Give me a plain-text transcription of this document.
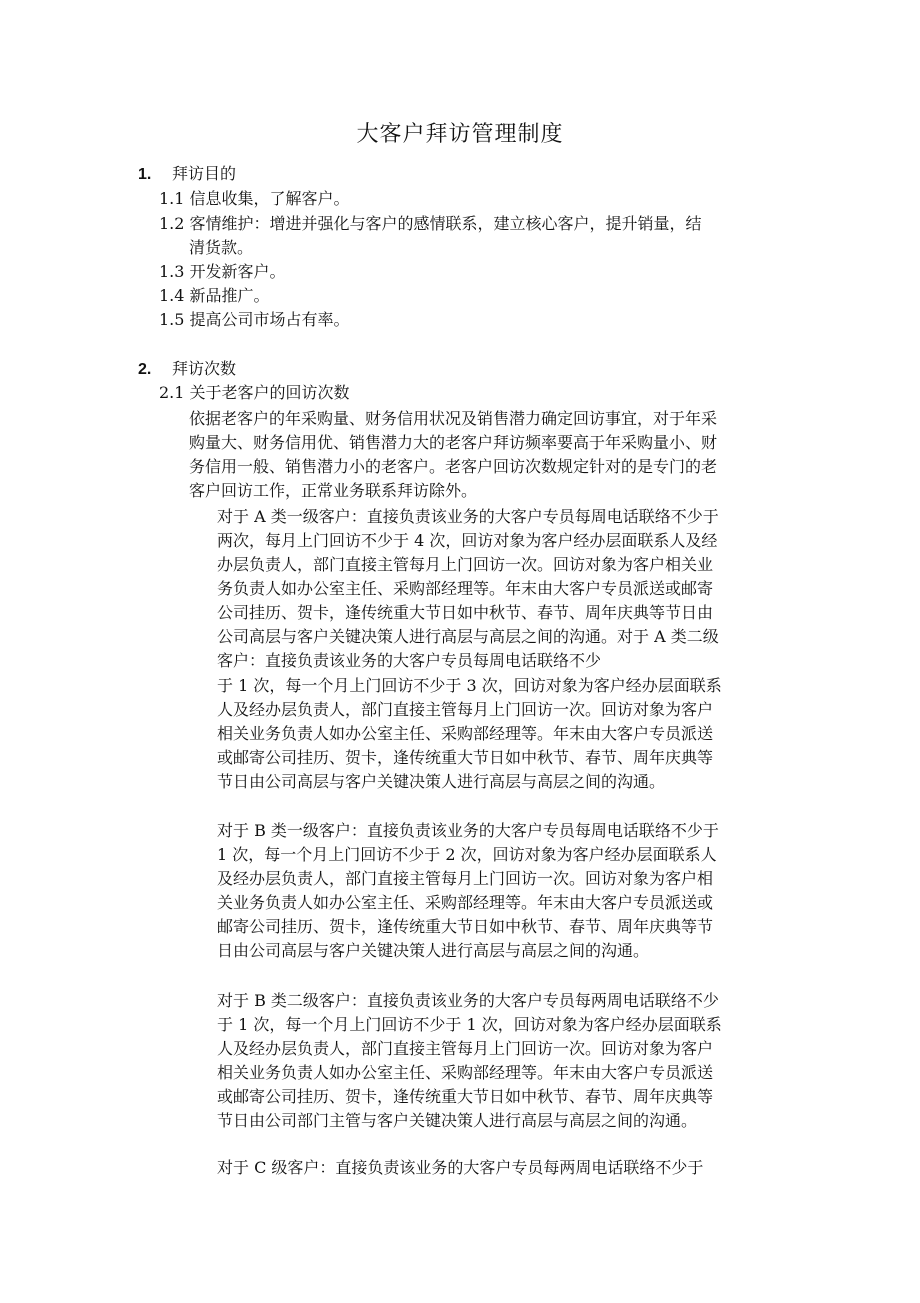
大客户拜访管理制度
1. 拜访目的
1.1 信息收集，了解客户。
1.2 客情维护：增进并强化与客户的感情联系，建立核心客户，提升销量，结
清货款。
1.3 开发新客户。
1.4 新品推广。
1.5 提高公司市场占有率。
2. 拜访次数
2.1 关于老客户的回访次数
依据老客户的年采购量、财务信用状况及销售潜力确定回访事宜，对于年采
购量大、财务信用优、销售潜力大的老客户拜访频率要高于年采购量小、财
务信用一般、销售潜力小的老客户。老客户回访次数规定针对的是专门的老
客户回访工作，正常业务联系拜访除外。
对于 A 类一级客户：直接负责该业务的大客户专员每周电话联络不少于
两次，每月上门回访不少于 4 次，回访对象为客户经办层面联系人及经
办层负责人，部门直接主管每月上门回访一次。回访对象为客户相关业
务负责人如办公室主任、采购部经理等。年末由大客户专员派送或邮寄
公司挂历、贺卡，逢传统重大节日如中秋节、春节、周年庆典等节日由
公司高层与客户关键决策人进行高层与高层之间的沟通。对于 A 类二级
客户：直接负责该业务的大客户专员每周电话联络不少
于 1 次，每一个月上门回访不少于 3 次，回访对象为客户经办层面联系
人及经办层负责人，部门直接主管每月上门回访一次。回访对象为客户
相关业务负责人如办公室主任、采购部经理等。年末由大客户专员派送
或邮寄公司挂历、贺卡，逢传统重大节日如中秋节、春节、周年庆典等
节日由公司高层与客户关键决策人进行高层与高层之间的沟通。
对于 B 类一级客户：直接负责该业务的大客户专员每周电话联络不少于
1 次，每一个月上门回访不少于 2 次，回访对象为客户经办层面联系人
及经办层负责人，部门直接主管每月上门回访一次。回访对象为客户相
关业务负责人如办公室主任、采购部经理等。年末由大客户专员派送或
邮寄公司挂历、贺卡，逢传统重大节日如中秋节、春节、周年庆典等节
日由公司高层与客户关键决策人进行高层与高层之间的沟通。
对于 B 类二级客户：直接负责该业务的大客户专员每两周电话联络不少
于 1 次，每一个月上门回访不少于 1 次，回访对象为客户经办层面联系
人及经办层负责人，部门直接主管每月上门回访一次。回访对象为客户
相关业务负责人如办公室主任、采购部经理等。年末由大客户专员派送
或邮寄公司挂历、贺卡，逢传统重大节日如中秋节、春节、周年庆典等
节日由公司部门主管与客户关键决策人进行高层与高层之间的沟通。
对于 C 级客户：直接负责该业务的大客户专员每两周电话联络不少于
